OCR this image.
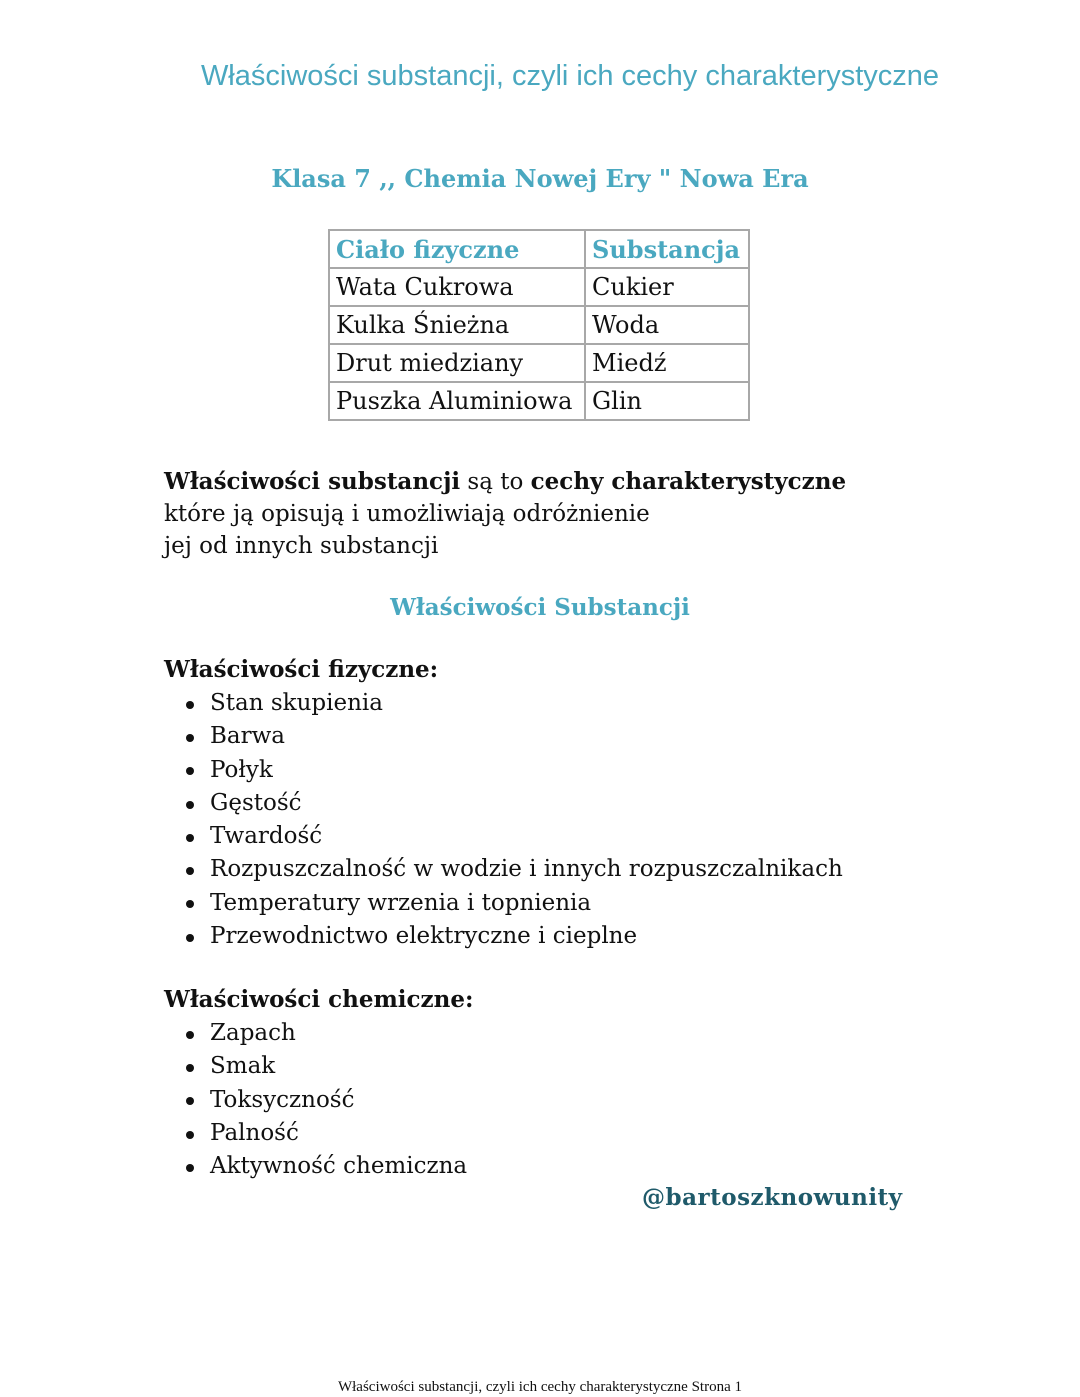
Właściwości substancji, czyli ich cechy charakterystyczne
Klasa 7 ,, Chemia Nowej Ery " Nowa Era
Ciało fizyczne	Substancja
Wata Cukrowa	Cukier
Kulka Śnieżna	Woda
Drut miedziany	Miedź
Puszka Aluminiowa	Glin
Właściwości substancji są to cechy charakterystyczne
które ją opisują i umożliwiają odróżnienie
jej od innych substancji
Właściwości Substancji
Właściwości fizyczne:
Stan skupienia
Barwa
Połyk
Gęstość
Twardość
Rozpuszczalność w wodzie i innych rozpuszczalnikach
Temperatury wrzenia i topnienia
Przewodnictwo elektryczne i cieplne
Właściwości chemiczne:
Zapach
Smak
Toksyczność
Palność
Aktywność chemiczna
@bartoszknowunity
Właściwości substancji, czyli ich cechy charakterystyczne Strona 1
